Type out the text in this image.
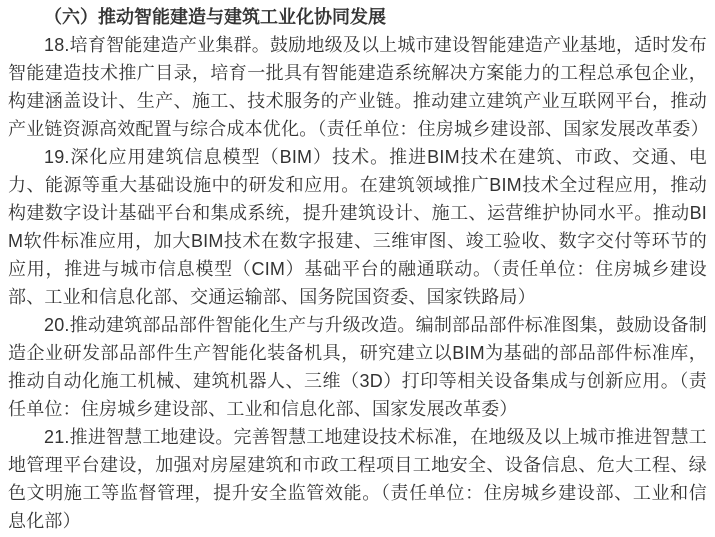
（六）推动智能建造与建筑工业化协同发展

18.培育智能建造产业集群。鼓励地级及以上城市建设智能建造产业基地，适时发布智能建造技术推广目录，培育一批具有智能建造系统解决方案能力的工程总承包企业，构建涵盖设计、生产、施工、技术服务的产业链。推动建立建筑产业互联网平台，推动产业链资源高效配置与综合成本优化。（责任单位：住房城乡建设部、国家发展改革委）

19.深化应用建筑信息模型（BIM）技术。推进BIM技术在建筑、市政、交通、电力、能源等重大基础设施中的研发和应用。在建筑领域推广BIM技术全过程应用，推动构建数字设计基础平台和集成系统，提升建筑设计、施工、运营维护协同水平。推动BIM软件标准应用，加大BIM技术在数字报建、三维审图、竣工验收、数字交付等环节的应用，推进与城市信息模型（CIM）基础平台的融通联动。（责任单位：住房城乡建设部、工业和信息化部、交通运输部、国务院国资委、国家铁路局）

20.推动建筑部品部件智能化生产与升级改造。编制部品部件标准图集，鼓励设备制造企业研发部品部件生产智能化装备机具，研究建立以BIM为基础的部品部件标准库，推动自动化施工机械、建筑机器人、三维（3D）打印等相关设备集成与创新应用。（责任单位：住房城乡建设部、工业和信息化部、国家发展改革委）

21.推进智慧工地建设。完善智慧工地建设技术标准，在地级及以上城市推进智慧工地管理平台建设，加强对房屋建筑和市政工程项目工地安全、设备信息、危大工程、绿色文明施工等监督管理，提升安全监管效能。（责任单位：住房城乡建设部、工业和信息化部）
